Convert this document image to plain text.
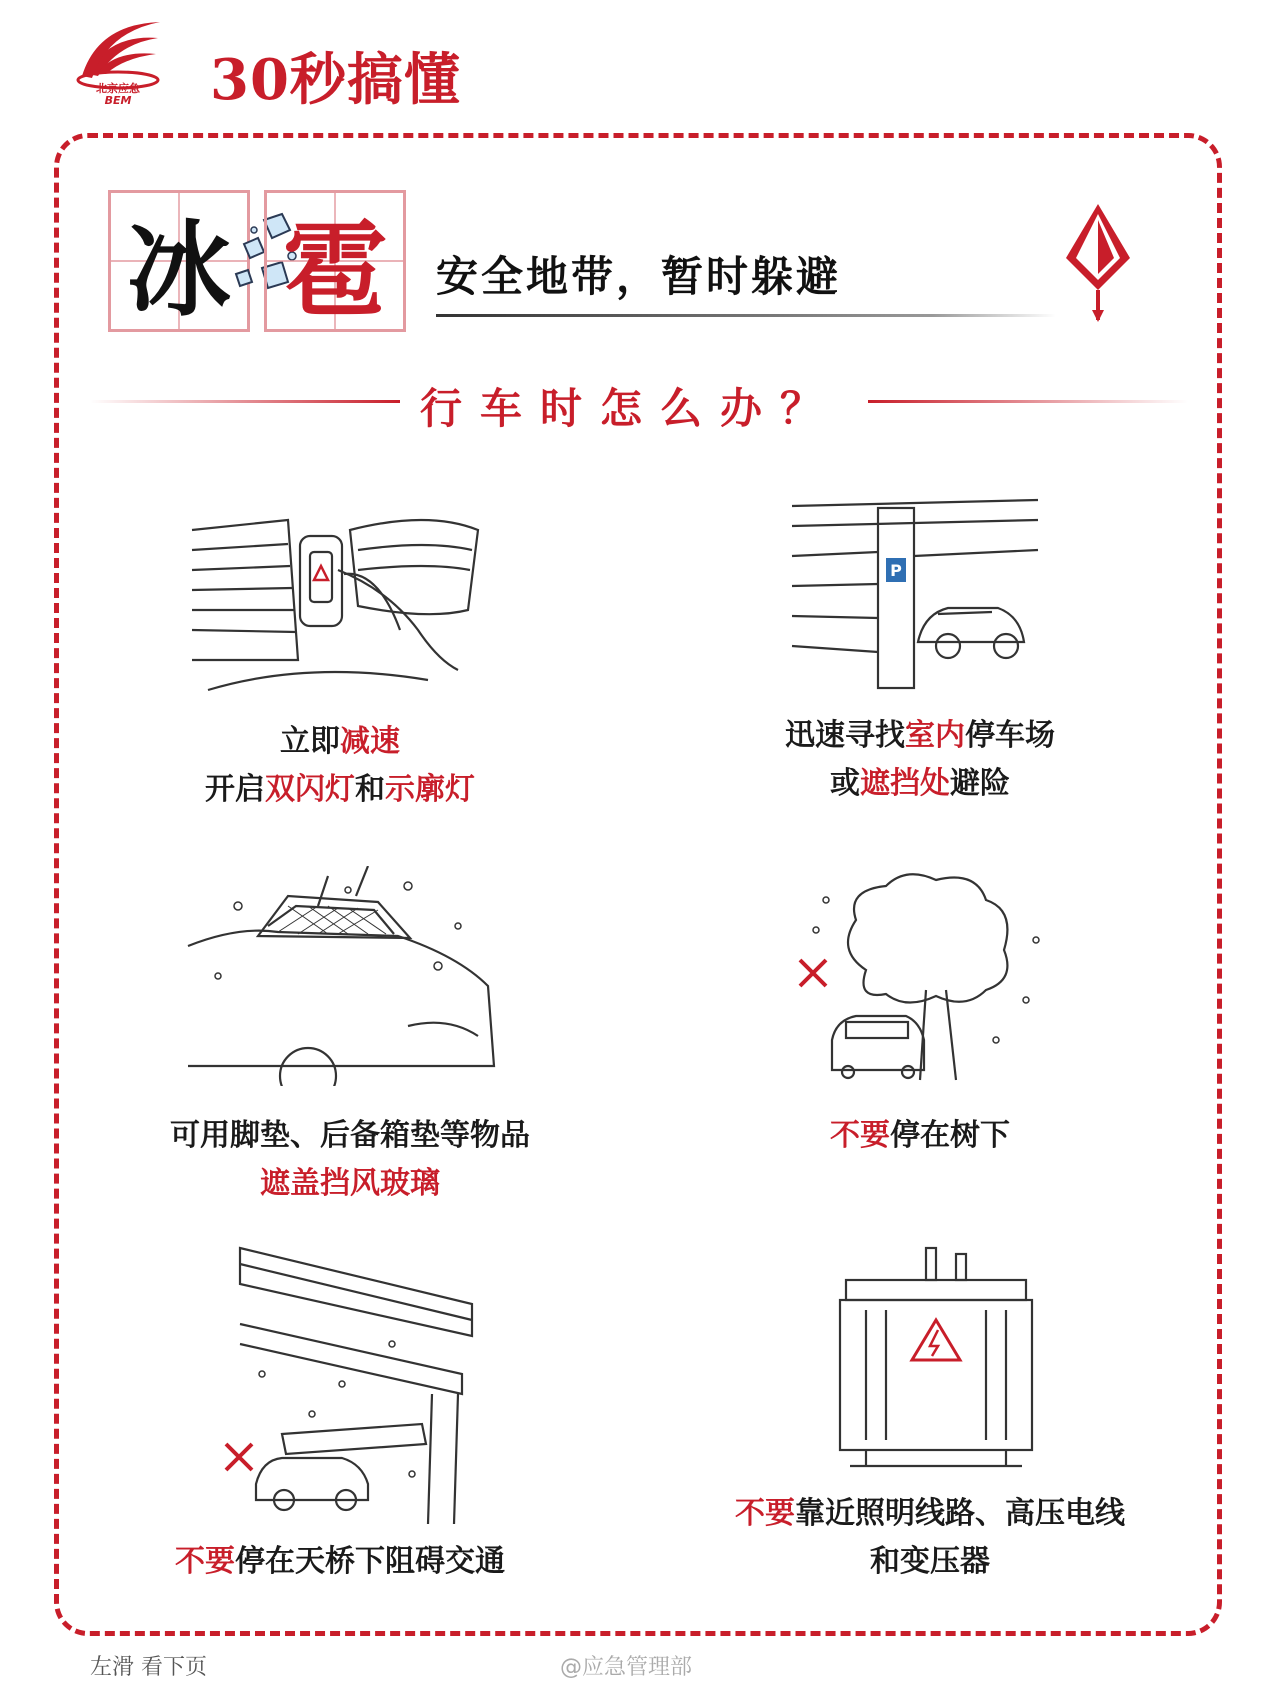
北京应急
BEM 30秒搞懂
冰 雹	安全地带，暂时躲避
行车时怎么办？
立即减速
开启双闪灯和示廓灯
P
迅速寻找室内停车场
或遮挡处避险
可用脚垫、后备箱垫等物品
遮盖挡风玻璃
不要停在树下
不要停在天桥下阻碍交通
不要靠近照明线路、高压电线
和变压器
左滑 看下页	@应急管理部
